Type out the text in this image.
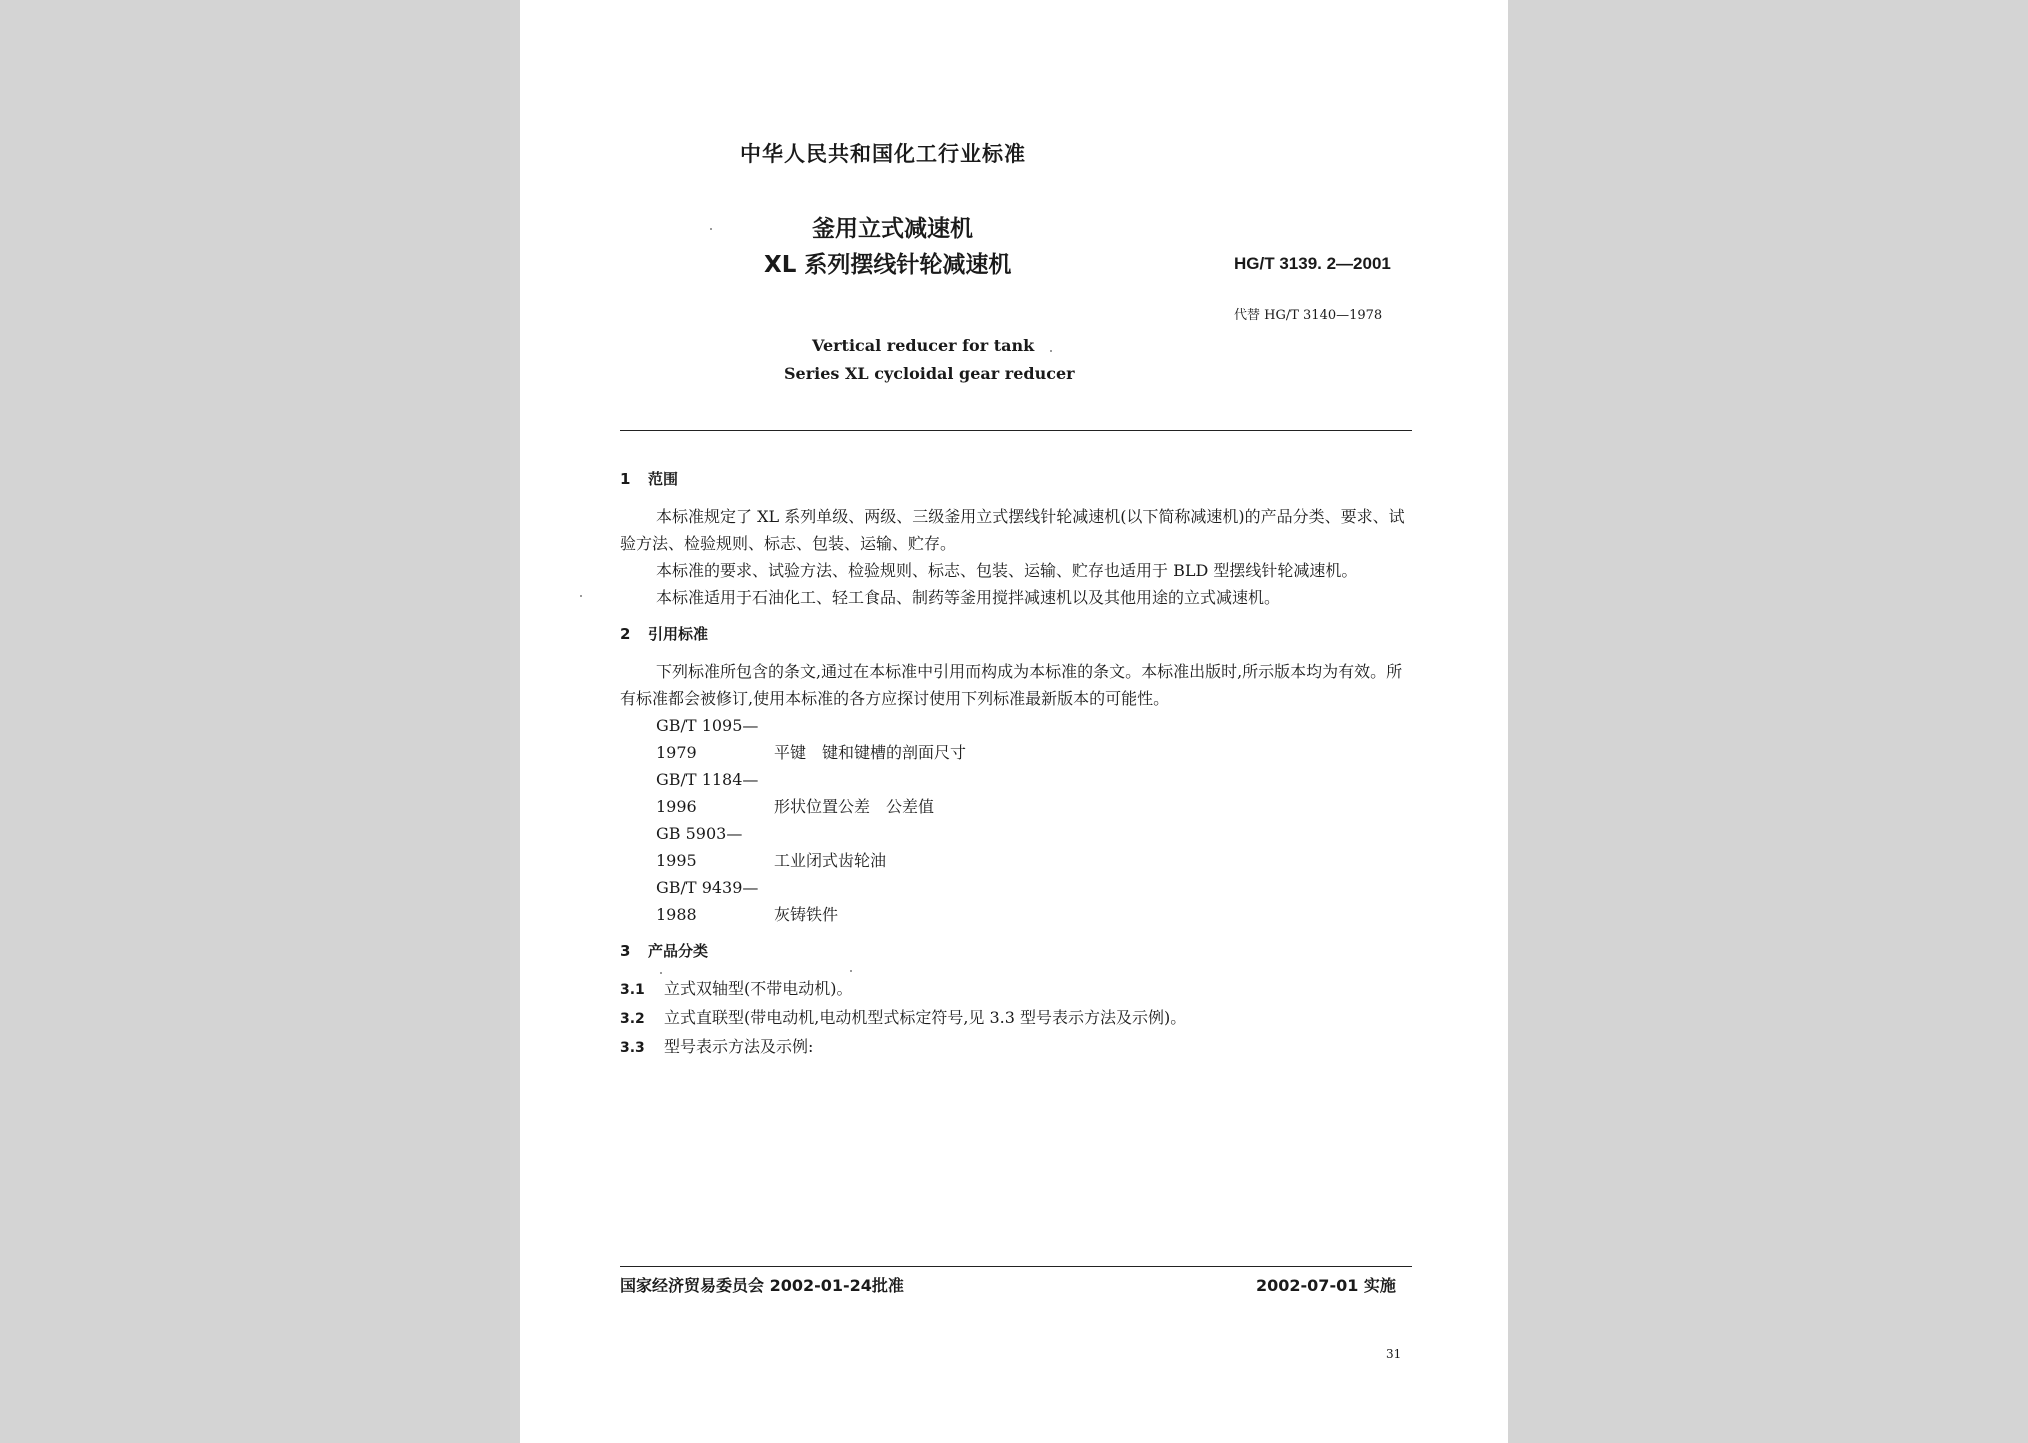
中华人民共和国化工行业标准
釜用立式减速机
XL 系列摆线针轮减速机	HG/T 3139. 2—2001
代替 HG/T 3140—1978
Vertical reducer for tank
Series XL cycloidal gear reducer

1 范围

本标准规定了 XL 系列单级、两级、三级釜用立式摆线针轮减速机(以下简称减速机)的产品分类、要求、试验方法、检验规则、标志、包装、运输、贮存。

本标准的要求、试验方法、检验规则、标志、包装、运输、贮存也适用于 BLD 型摆线针轮减速机。

本标准适用于石油化工、轻工食品、制药等釜用搅拌减速机以及其他用途的立式减速机。

2 引用标准

下列标准所包含的条文,通过在本标准中引用而构成为本标准的条文。本标准出版时,所示版本均为有效。所有标准都会被修订,使用本标准的各方应探讨使用下列标准最新版本的可能性。

GB/T 1095—1979	平键　键和键槽的剖面尺寸

GB/T 1184—1996	形状位置公差　公差值

GB 5903—1995	工业闭式齿轮油

GB/T 9439—1988	灰铸铁件

3 产品分类

3.1 立式双轴型(不带电动机)。

3.2 立式直联型(带电动机,电动机型式标定符号,见 3.3 型号表示方法及示例)。

3.3 型号表示方法及示例:

国家经济贸易委员会 2002-01-24批准	2002-07-01 实施
31
